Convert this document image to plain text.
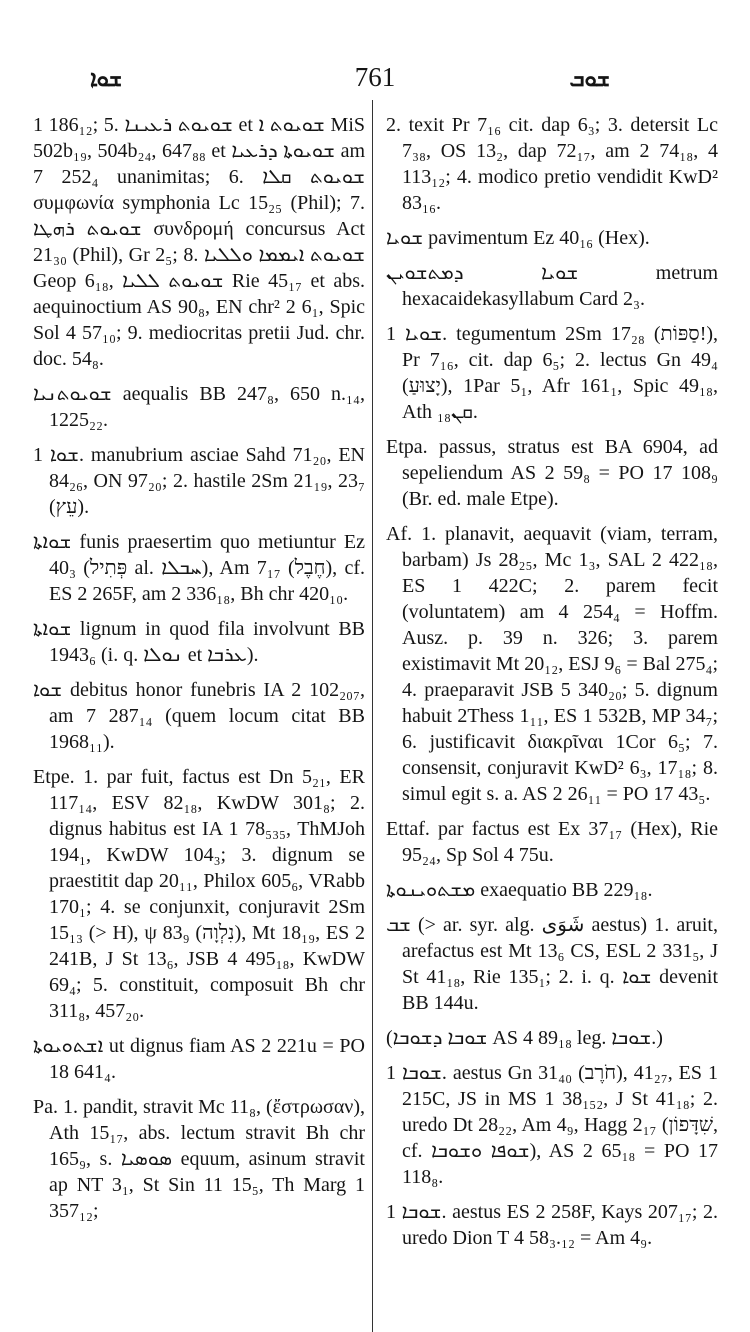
ܫܘܐ	761	ܫܘܒ

1 186₁₂; 5. ܫܘܝܘܬ ܪܥܝܢܐ et ܫܘܝܘܬ ܐ MiS 502b₁₉, 504b₂₄, 647₈₈ et ܫܘܝܘܬܐ ܕܪܥܝܐ am 7 252₄ unanimitas; 6. ܫܘܝܘܬ ܩܠܐ συμφωνία symphonia Lc 15₂₅ (Phil); 7. ܫܘܝܘܬ ܪܗܛܐ συνδρομή concursus Act 21₃₀ (Phil), Gr 2₅; 8. ܫܘܝܘܬ ܐܝܡܡܐ ܘܠܠܝܐ Geop 6₁₈, ܫܘܝܘܬ ܠܠܝܐ Rie 45₁₇ et abs. aequinoctium AS 90₈, EN chr² 2 6₁, Spic Sol 4 57₁₀; 9. mediocritas pretii Jud. chr. doc. 54₈.

ܫܘܝܘܬܢܝܐ aequalis BB 247₈, 650 n.₁₄, 1225₂₂.

ܫܘܐ 1. manubrium asciae Sahd 71₂₀, EN 84₂₆, ON 97₂₀; 2. hastile 2Sm 21₁₉, 23₇ (עֵץ).

ܫܘܐܬܐ funis praesertim quo metiuntur Ez 40₃ (פְּתִיל al. ܚܒܠܐ), Am 7₁₇ (חֶבֶל), cf. ES 2 265F, am 2 336₁₈, Bh chr 420₁₀.

ܫܘܐܬܐ lignum in quod fila involvunt BB 1943₆ (i. q. ܢܘܠܐ et ܥܪܒܐ).

ܫܘܐ debitus honor funebris IA 2 102₂₀₇, am 7 287₁₄ (quem locum citat BB 1968₁₁).

Etpe. 1. par fuit, factus est Dn 5₂₁, ER 117₁₄, ESV 82₁₈, KwDW 301₈; 2. dignus habitus est IA 1 78₅₃₅, ThMJoh 194₁, KwDW 104₃; 3. dignum se praestitit dap 20₁₁, Philox 605₆, VRabb 170₁; 4. se conjunxit, conjuravit 2Sm 15₁₃ (> H), ψ 83₉ (נִלְוָה), Mt 18₁₉, ES 2 241B, J St 13₆, JSB 4 495₁₈, KwDW 69₄; 5. constituit, composuit Bh chr 311₈, 457₂₀.

ܐܫܬܘܝܘܬܐ ut dignus fiam AS 2 221u = PO 18 641₄.

Pa. 1. pandit, stravit Mc 11₈, (ἔστρωσαν), Ath 15₁₇, abs. lectum stravit Bh chr 165₉, s. ܣܘܣܝܐ equum, asinum stravit ap NT 3₁, St Sin 11 15₅, Th Marg 1 357₁₂;

2. texit Pr 7₁₆ cit. dap 6₃; 3. detersit Lc 7₃₈, OS 13₂, dap 72₁₇, am 2 74₁₈, 4 113₁₂; 4. modico pretio vendidit KwD² 83₁₆.

ܫܘܝܐ pavimentum Ez 40₁₆ (Hex).

ܫܘܝܐ ܕܡܬܫܘܝܢ metrum hexacaidekasyllabum Card 2₃.

ܫܘܝܐ 1. tegumentum 2Sm 17₂₈ (סַפּוֹת!), Pr 7₁₆, cit. dap 6₅; 2. lectus Gn 49₄ (יָצוּעַ), 1Par 5₁, Afr 161₁, Spic 49₁₈, Ath ܩܢ₁₈.

Etpa. passus, stratus est BA 6904, ad sepeliendum AS 2 59₈ = PO 17 108₉ (Br. ed. male Etpe).

Af. 1. planavit, aequavit (viam, terram, barbam) Js 28₂₅, Mc 1₃, SAL 2 422₁₈, ES 1 422C; 2. parem fecit (voluntatem) am 4 254₄ = Hoffm. Ausz. p. 39 n. 326; 3. parem existimavit Mt 20₁₂, ESJ 9₆ = Bal 275₄; 4. praeparavit JSB 5 340₂₀; 5. dignum habuit 2Thess 1₁₁, ES 1 532B, MP 34₇; 6. justificavit διακρῖναι 1Cor 6₅; 7. consensit, conjuravit KwD² 6₃, 17₁₈; 8. simul egit s. a. AS 2 26₁₁ = PO 17 43₅.

Ettaf. par factus est Ex 37₁₇ (Hex), Rie 95₂₄, Sp Sol 4 75u.

ܡܫܬܘܝܢܘܬܐ exaequatio BB 229₁₈.

ܫܒ (> ar. syr. alg. شَوَى aestus) 1. aruit, arefactus est Mt 13₆ CS, ESL 2 331₅, J St 41₁₈, Rie 135₁; 2. i. q. ܫܘܐ devenit BB 144u.

(ܫܘܒܐ ܕܫܘܒܐ AS 4 89₁₈ leg. ܫܘܒܐ.)

ܫܘܒܐ 1. aestus Gn 31₄₀ (חֹרֶב), 41₂₇, ES 1 215C, JS in MS 1 38₁₅₂, J St 41₁₈; 2. uredo Dt 28₂₂, Am 4₉, Hagg 2₁₇ (שִׁדָּפוֹן, cf. ܫܘܦܐ ܘܫܘܒܐ), AS 2 65₁₈ = PO 17 118₈.

ܫܘܒܐ 1. aestus ES 2 258F, Kays 207₁₇; 2. uredo Dion T 4 58₃.₁₂ = Am 4₉.
